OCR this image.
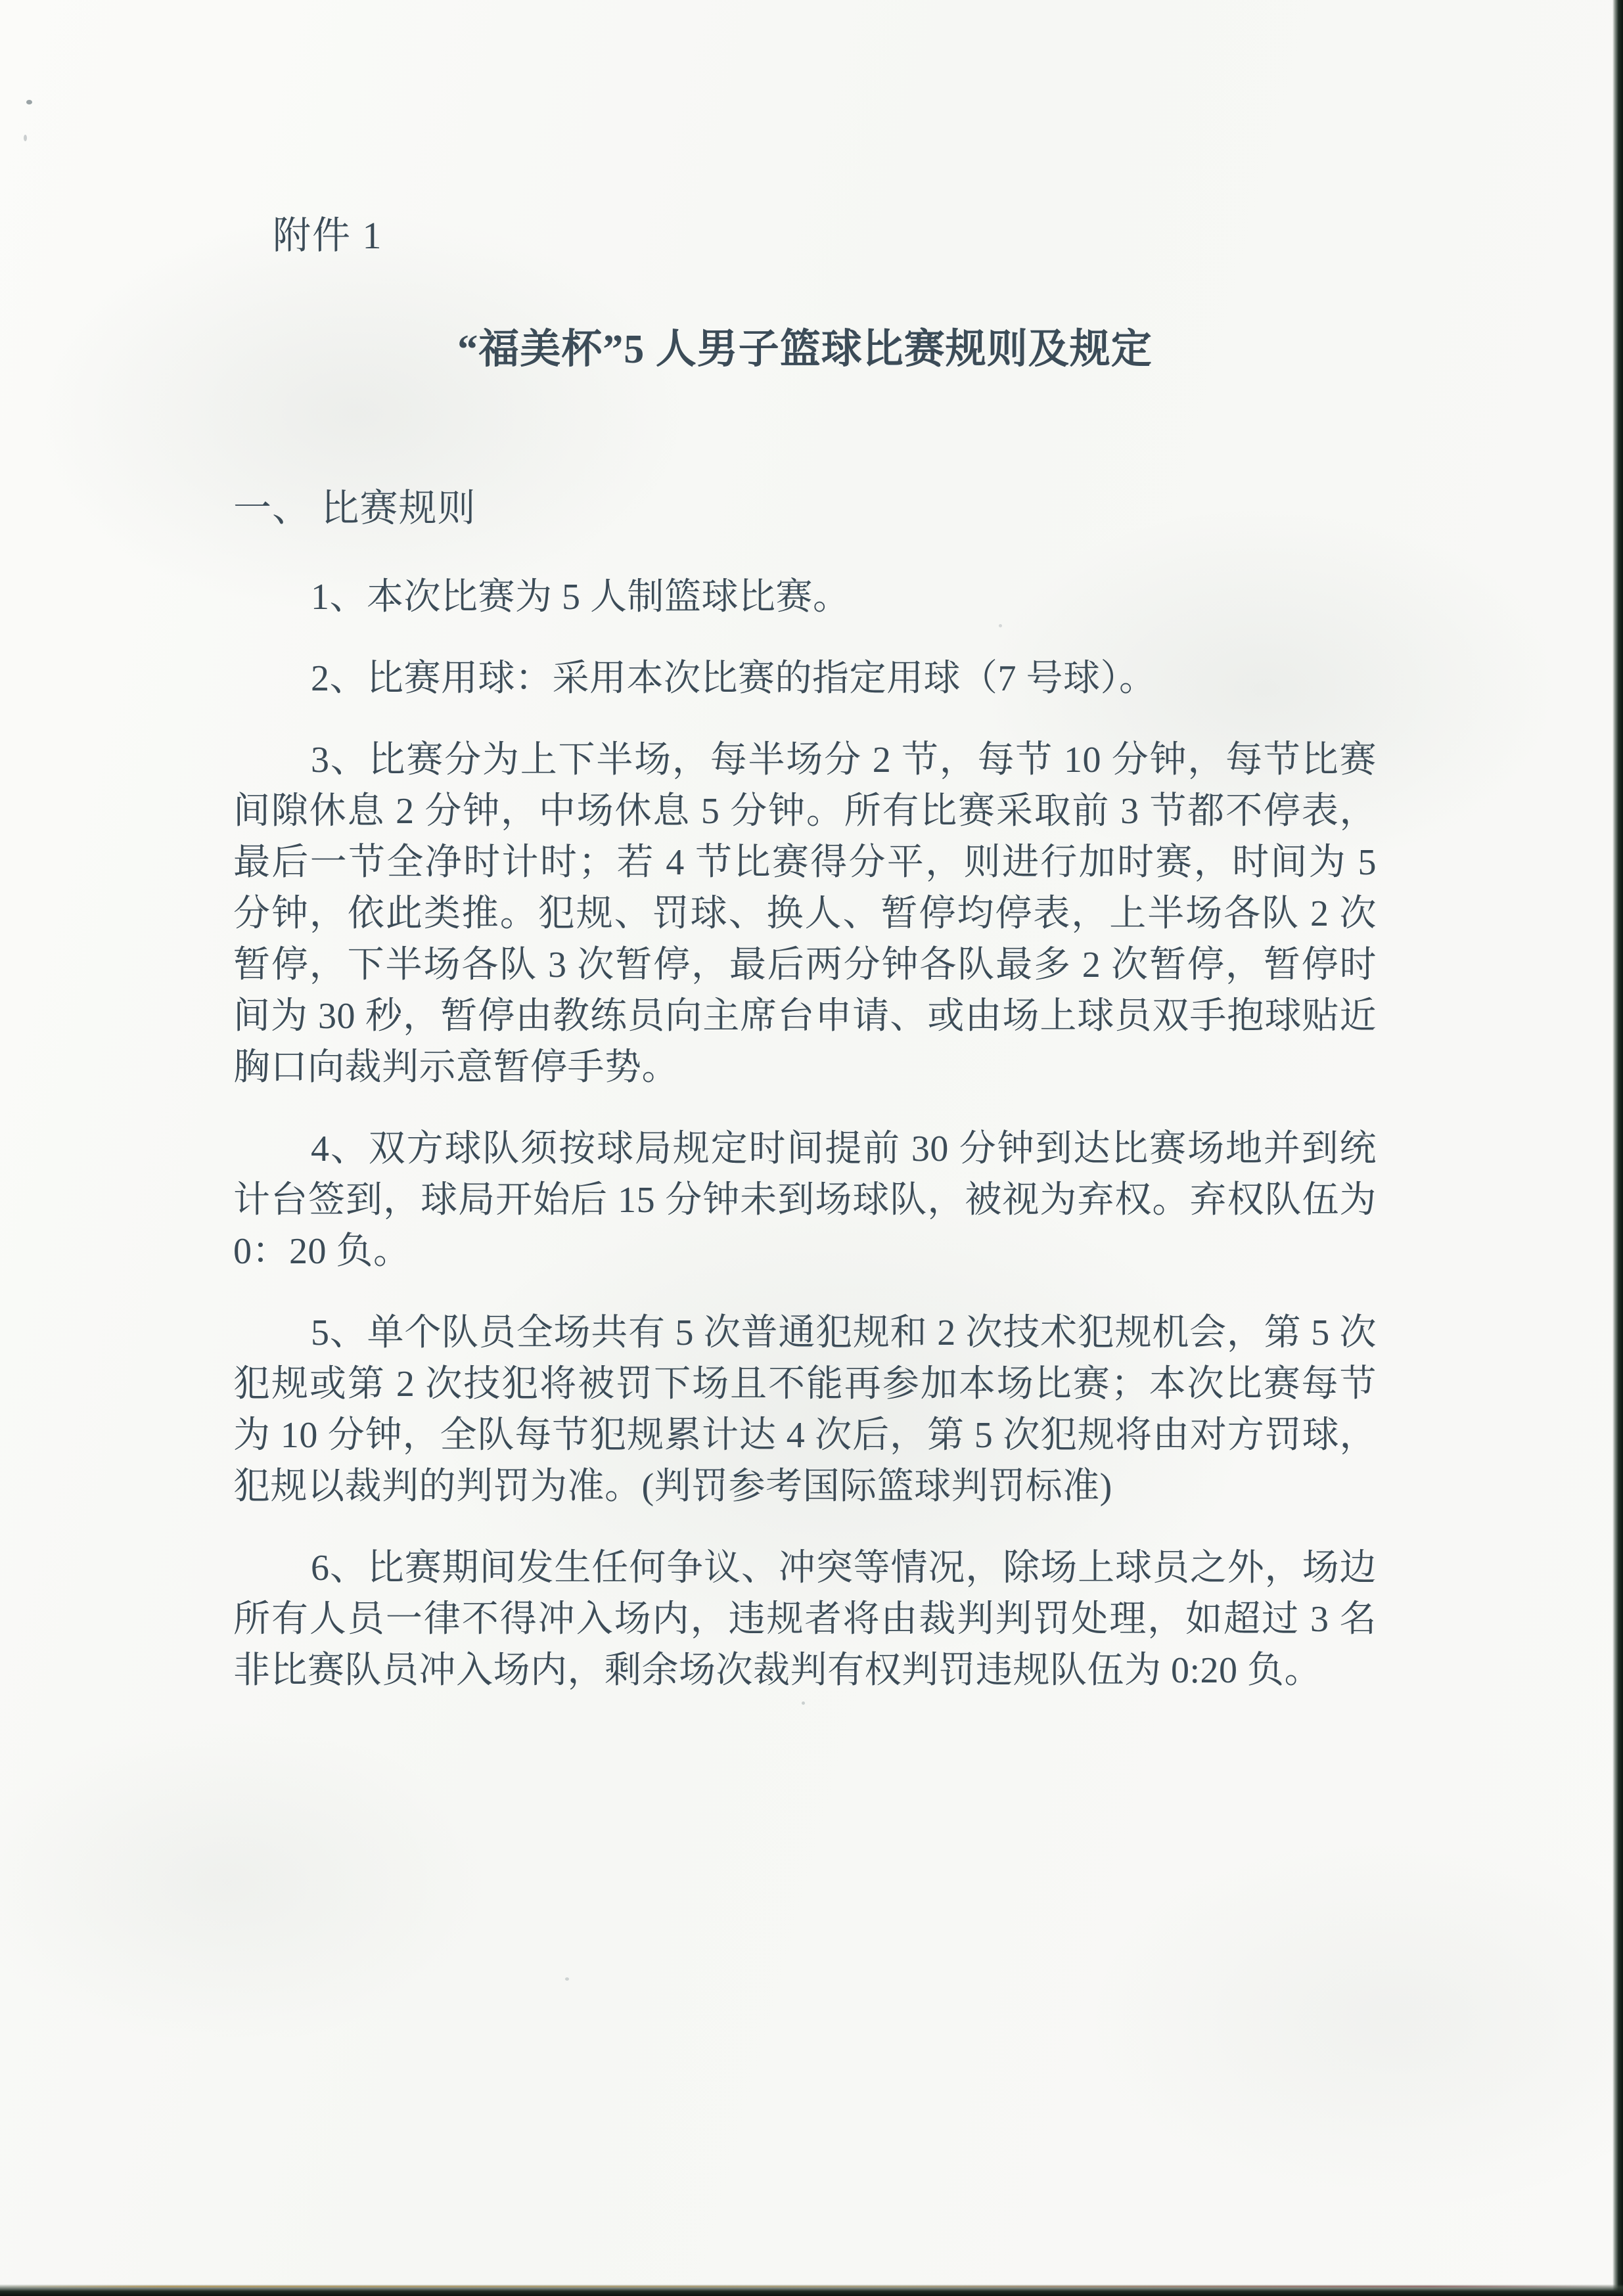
附件 1
“福美杯”5 人男子篮球比赛规则及规定
一、 比赛规则

1、本次比赛为 5 人制篮球比赛。

2、比赛用球：采用本次比赛的指定用球（7 号球）。

3、比赛分为上下半场，每半场分 2 节，每节 10 分钟，每节比赛间隙休息 2 分钟，中场休息 5 分钟。所有比赛采取前 3 节都不停表，最后一节全净时计时；若 4 节比赛得分平，则进行加时赛，时间为 5 分钟，依此类推。犯规、罚球、换人、暂停均停表，上半场各队 2 次暂停，下半场各队 3 次暂停，最后两分钟各队最多 2 次暂停，暂停时间为 30 秒，暂停由教练员向主席台申请、或由场上球员双手抱球贴近胸口向裁判示意暂停手势。

4、双方球队须按球局规定时间提前 30 分钟到达比赛场地并到统计台签到，球局开始后 15 分钟未到场球队，被视为弃权。弃权队伍为 0：20 负。

5、单个队员全场共有 5 次普通犯规和 2 次技术犯规机会，第 5 次犯规或第 2 次技犯将被罚下场且不能再参加本场比赛；本次比赛每节为 10 分钟，全队每节犯规累计达 4 次后，第 5 次犯规将由对方罚球，犯规以裁判的判罚为准。(判罚参考国际篮球判罚标准)

6、比赛期间发生任何争议、冲突等情况，除场上球员之外，场边所有人员一律不得冲入场内，违规者将由裁判判罚处理，如超过 3 名非比赛队员冲入场内，剩余场次裁判有权判罚违规队伍为 0:20 负。
